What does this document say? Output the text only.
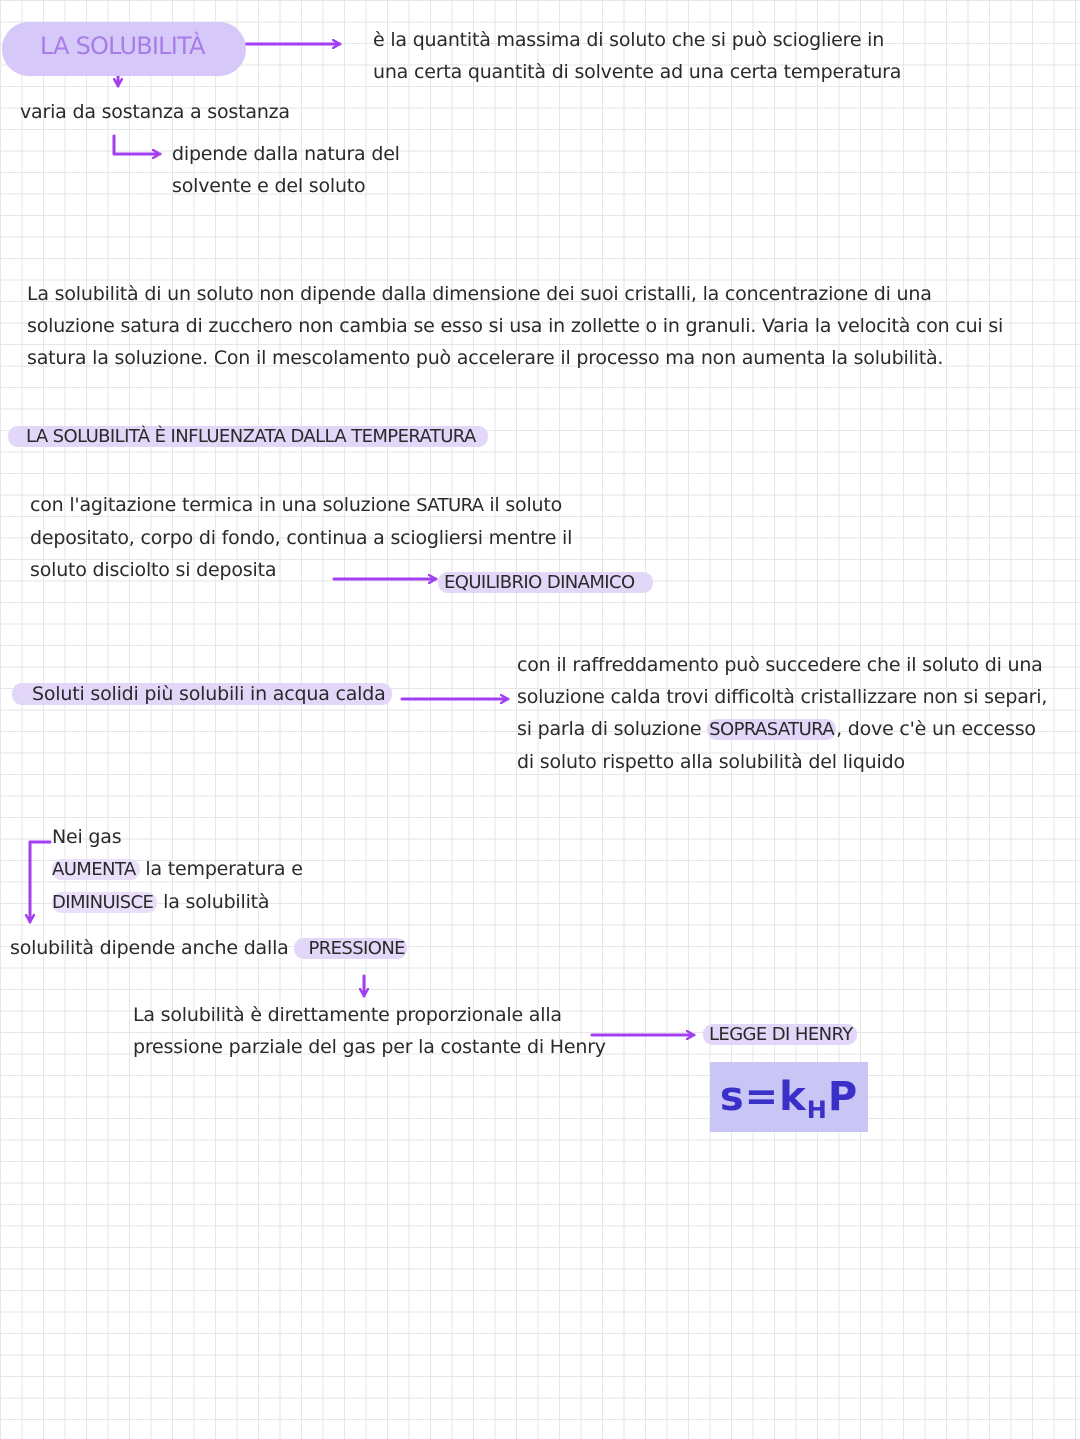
LA SOLUBILITÀ	è la quantità massima di soluto che si può sciogliere in
una certa quantità di solvente ad una certa temperatura
varia da sostanza a sostanza
dipende dalla natura del
solvente e del soluto
La solubilità di un soluto non dipende dalla dimensione dei suoi cristalli, la concentrazione di una
soluzione satura di zucchero non cambia se esso si usa in zollette o in granuli. Varia la velocità con cui si
satura la soluzione. Con il mescolamento può accelerare il processo ma non aumenta la solubilità.
LA SOLUBILITÀ È INFLUENZATA DALLA TEMPERATURA
con l'agitazione termica in una soluzione SATURA il soluto
depositato, corpo di fondo, continua a sciogliersi mentre il
soluto disciolto si deposita
EQUILIBRIO DINAMICO
Soluti solidi più solubili in acqua calda
con il raffreddamento può succedere che il soluto di una
soluzione calda trovi difficoltà cristallizzare non si separi,
si parla di soluzione SOPRASATURA , dove c'è un eccesso
di soluto rispetto alla solubilità del liquido
Nei gas
AUMENTA la temperatura e
DIMINUISCE la solubilità
solubilità dipende anche dalla PRESSIONE
La solubilità è direttamente proporzionale alla
pressione parziale del gas per la costante di Henry
LEGGE DI HENRY
$s=k_HP$
